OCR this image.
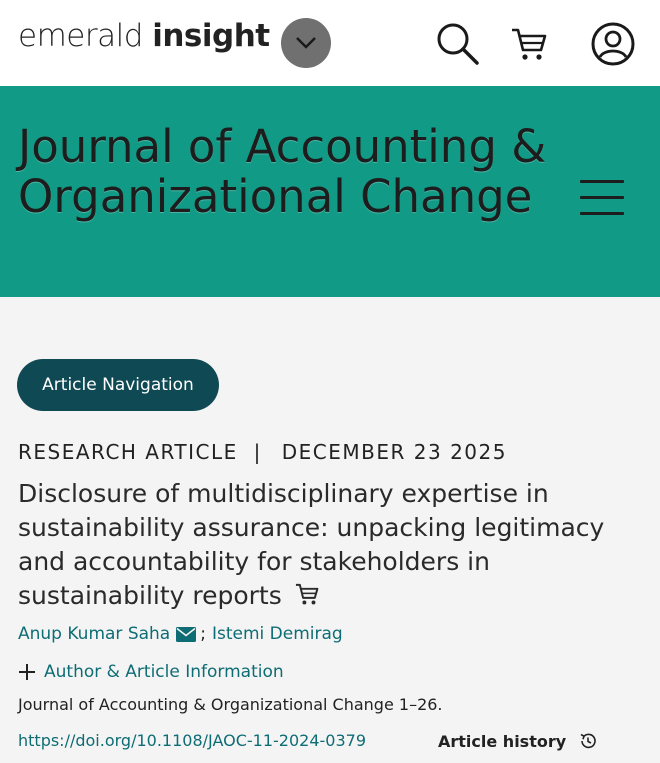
emerald insight
Journal of Accounting & Organizational Change
Article Navigation
RESEARCH ARTICLE | DECEMBER 23 2025
Disclosure of multidisciplinary expertise in sustainability assurance: unpacking legitimacy and accountability for stakeholders in sustainability reports
Anup Kumar Saha ; Istemi Demirag
Author & Article Information
Journal of Accounting & Organizational Change 1–26.
https://doi.org/10.1108/JAOC-11-2024-0379	Article history
